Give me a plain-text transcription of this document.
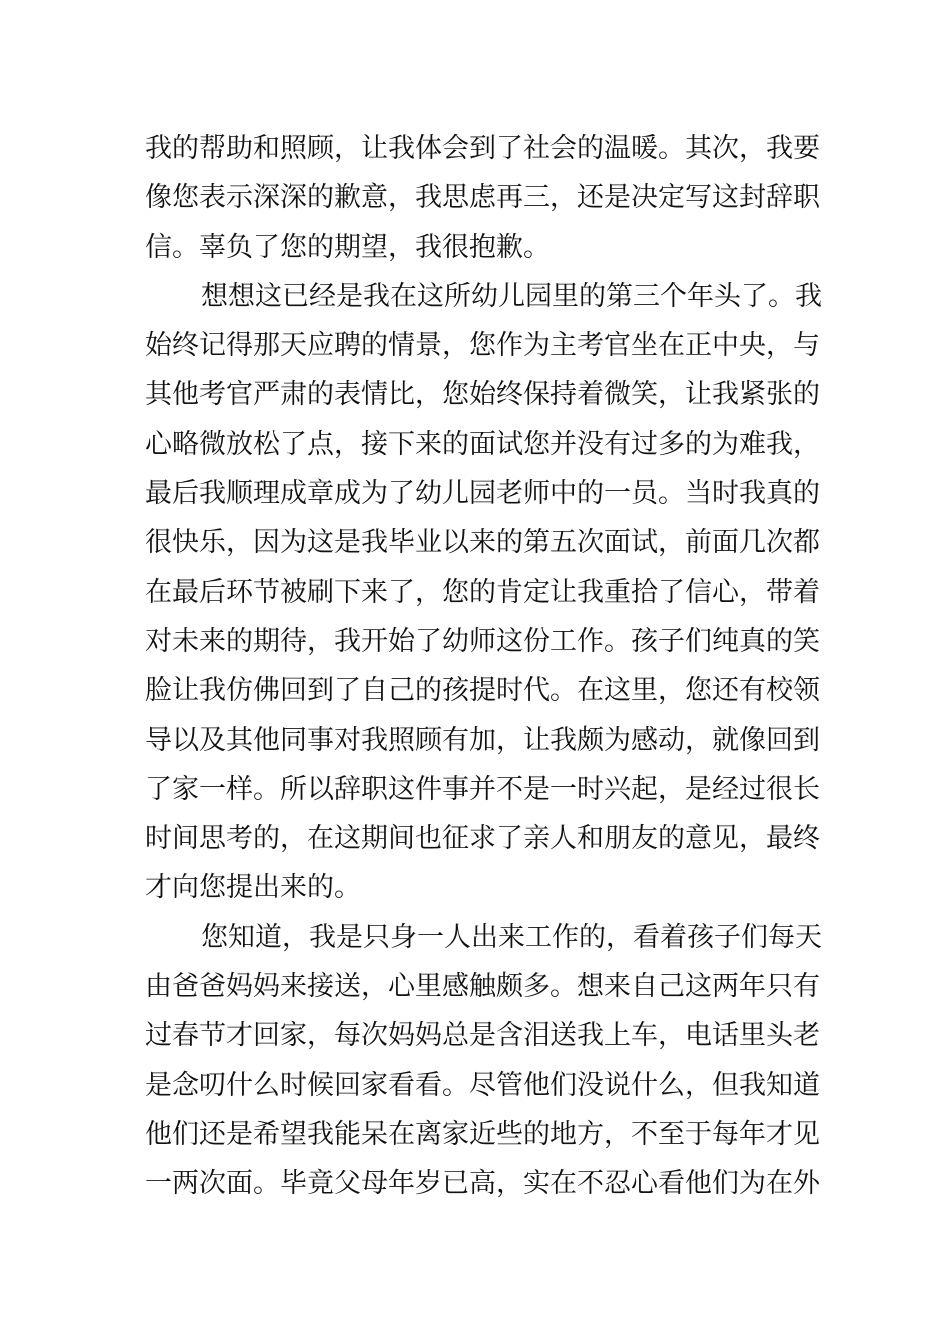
我的帮助和照顾，让我体会到了社会的温暖。其次，我要
像您表示深深的歉意，我思虑再三，还是决定写这封辞职
信。辜负了您的期望，我很抱歉。
想想这已经是我在这所幼儿园里的第三个年头了。我
始终记得那天应聘的情景，您作为主考官坐在正中央，与
其他考官严肃的表情比，您始终保持着微笑，让我紧张的
心略微放松了点，接下来的面试您并没有过多的为难我，
最后我顺理成章成为了幼儿园老师中的一员。当时我真的
很快乐，因为这是我毕业以来的第五次面试，前面几次都
在最后环节被刷下来了，您的肯定让我重拾了信心，带着
对未来的期待，我开始了幼师这份工作。孩子们纯真的笑
脸让我仿佛回到了自己的孩提时代。在这里，您还有校领
导以及其他同事对我照顾有加，让我颇为感动，就像回到
了家一样。所以辞职这件事并不是一时兴起，是经过很长
时间思考的，在这期间也征求了亲人和朋友的意见，最终
才向您提出来的。
您知道，我是只身一人出来工作的，看着孩子们每天
由爸爸妈妈来接送，心里感触颇多。想来自己这两年只有
过春节才回家，每次妈妈总是含泪送我上车，电话里头老
是念叨什么时候回家看看。尽管他们没说什么，但我知道
他们还是希望我能呆在离家近些的地方，不至于每年才见
一两次面。毕竟父母年岁已高，实在不忍心看他们为在外
